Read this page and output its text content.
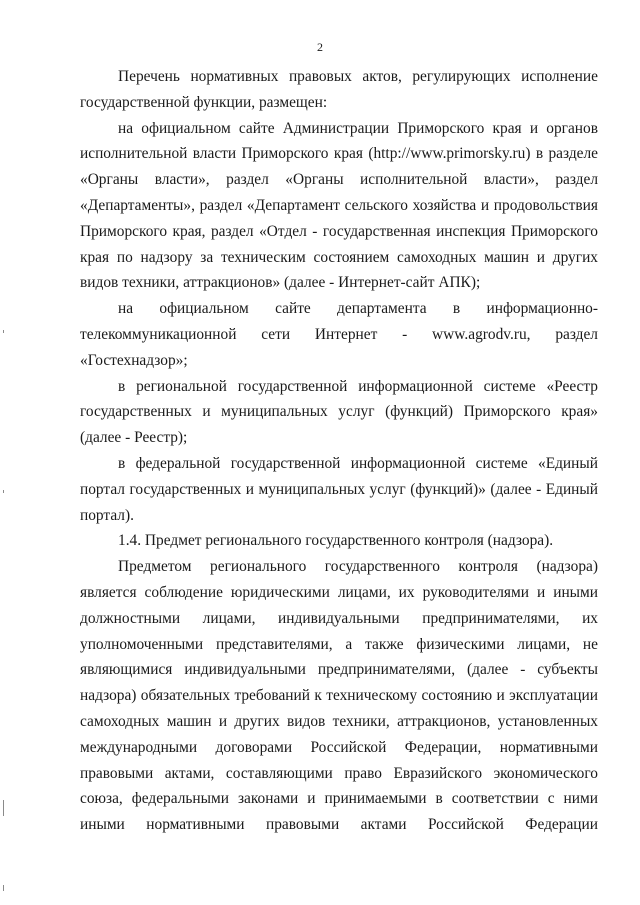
2

Перечень нормативных правовых актов, регулирующих исполнение государственной функции, размещен:

на официальном сайте Администрации Приморского края и органов исполнительной власти Приморского края (http://www.primorsky.ru) в разделе «Органы власти», раздел «Органы исполнительной власти», раздел «Департаменты», раздел «Департамент сельского хозяйства и продовольствия Приморского края, раздел «Отдел - государственная инспекция Приморского края по надзору за техническим состоянием самоходных машин и других видов техники, аттракционов» (далее - Интернет-сайт АПК);

на официальном сайте департамента в информационно-телекоммуникационной сети Интернет - www.agrodv.ru, раздел «Гостехнадзор»;

в региональной государственной информационной системе «Реестр государственных и муниципальных услуг (функций) Приморского края» (далее - Реестр);

в федеральной государственной информационной системе «Единый портал государственных и муниципальных услуг (функций)» (далее - Единый портал).

1.4. Предмет регионального государственного контроля (надзора).

Предметом регионального государственного контроля (надзора) является соблюдение юридическими лицами, их руководителями и иными должностными лицами, индивидуальными предпринимателями, их уполномоченными представителями, а также физическими лицами, не являющимися индивидуальными предпринимателями, (далее - субъекты надзора) обязательных требований к техническому состоянию и эксплуатации самоходных машин и других видов техники, аттракционов, установленных международными договорами Российской Федерации, нормативными правовыми актами, составляющими право Евразийского экономического союза, федеральными законами и принимаемыми в соответствии с ними иными нормативными правовыми актами Российской Федерации
